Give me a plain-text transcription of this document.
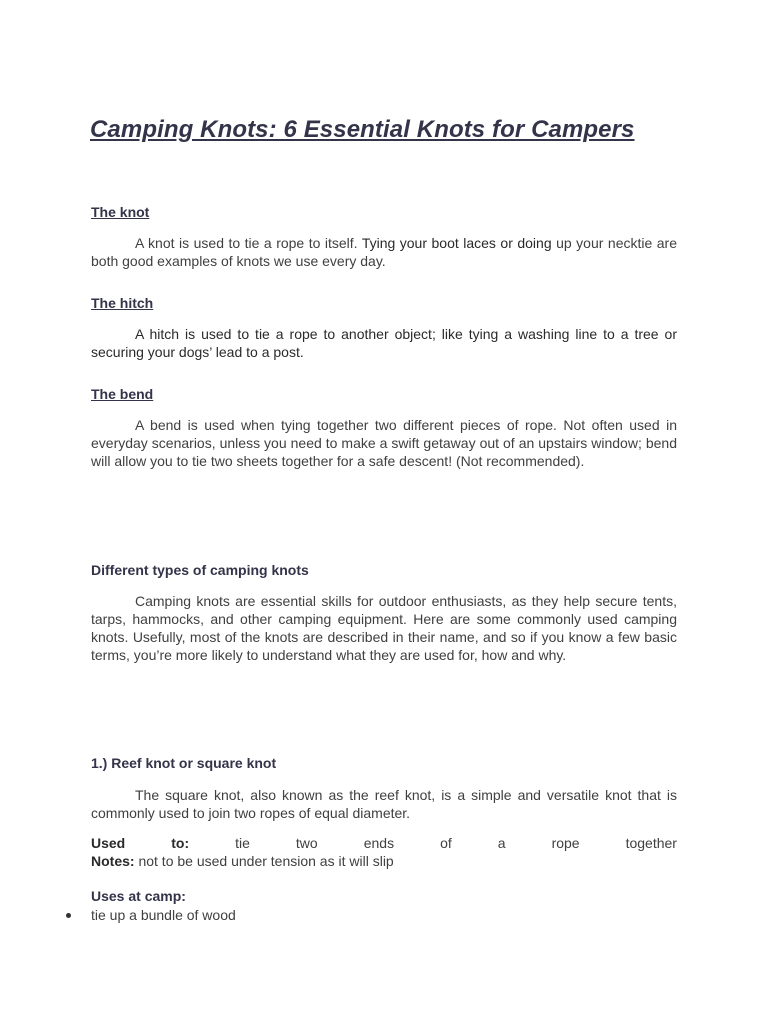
Camping Knots: 6 Essential Knots for Campers
The knot

A knot is used to tie a rope to itself. Tying your boot laces or doing up your necktie are both good examples of knots we use every day.

The hitch

A hitch is used to tie a rope to another object; like tying a washing line to a tree or securing your dogs’ lead to a post.

The bend

A bend is used when tying together two different pieces of rope. Not often used in everyday scenarios, unless you need to make a swift getaway out of an upstairs window; bend will allow you to tie two sheets together for a safe descent! (Not recommended).

Different types of camping knots

Camping knots are essential skills for outdoor enthusiasts, as they help secure tents, tarps, hammocks, and other camping equipment. Here are some commonly used camping knots. Usefully, most of the knots are described in their name, and so if you know a few basic terms, you’re more likely to understand what they are used for, how and why.

1.) Reef knot or square knot

The square knot, also known as the reef knot, is a simple and versatile knot that is commonly used to join two ropes of equal diameter.

Used	to:	tie	two	ends	of	a	rope	together
Notes: not to be used under tension as it will slip
Uses at camp:
tie up a bundle of wood
